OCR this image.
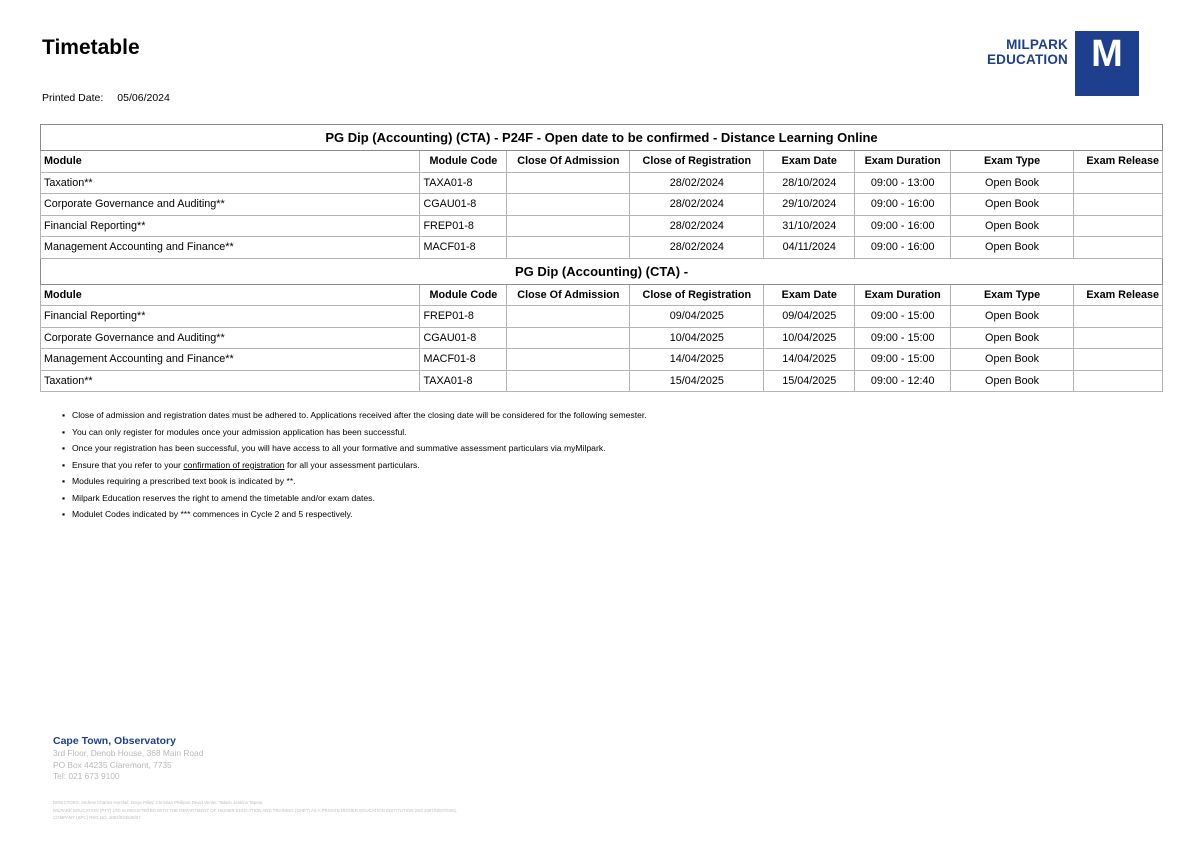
Timetable
Printed Date: 05/06/2024
MILPARK
EDUCATION M
PG Dip (Accounting) (CTA) - P24F - Open date to be confirmed - Distance Learning Online							
Module	Module Code	Close Of Admission	Close of Registration	Exam Date	Exam Duration	Exam Type	Exam Release
Taxation**	TAXA01-8		28/02/2024	28/10/2024	09:00 - 13:00	Open Book	
Corporate Governance and Auditing**	CGAU01-8		28/02/2024	29/10/2024	09:00 - 16:00	Open Book	
Financial Reporting**	FREP01-8		28/02/2024	31/10/2024	09:00 - 16:00	Open Book	
Management Accounting and Finance**	MACF01-8		28/02/2024	04/11/2024	09:00 - 16:00	Open Book	
PG Dip (Accounting) (CTA) -							
Module	Module Code	Close Of Admission	Close of Registration	Exam Date	Exam Duration	Exam Type	Exam Release
Financial Reporting**	FREP01-8		09/04/2025	09/04/2025	09:00 - 15:00	Open Book	
Corporate Governance and Auditing**	CGAU01-8		10/04/2025	10/04/2025	09:00 - 15:00	Open Book	
Management Accounting and Finance**	MACF01-8		14/04/2025	14/04/2025	09:00 - 15:00	Open Book	
Taxation**	TAXA01-8		15/04/2025	15/04/2025	09:00 - 12:40	Open Book	
▪ Close of admission and registration dates must be adhered to. Applications received after the closing date will be considered for the following semester.
▪ You can only register for modules once your admission application has been successful.
▪ Once your registration has been successful, you will have access to all your formative and summative assessment particulars via myMilpark.
▪ Ensure that you refer to your confirmation of registration for all your assessment particulars.
▪ Modules requiring a prescribed text book is indicated by **.
▪ Milpark Education reserves the right to amend the timetable and/or exam dates.
▪ Modulet Codes indicated by *** commences in Cycle 2 and 5 respectively.
Cape Town, Observatory
3rd Floor, Denob House, 368 Main Road
PO Box 44235 Claremont, 7735
Tel: 021 673 9100
DIRECTORS: Andrew Charles Horsfall, Divya Pillay, Christian Phillipus Devid Venter, Tabelo Jenkins Tapela
MILPARK EDUCATION (PTY) LTD IS REGISTERED WITH THE DEPARTMENT OF HIGHER EDUCATION AND TRAINING (DHET) AS A PRIVATE HIGHER EDUCATION INSTITUTION (NO 2007/HE07/005).
COMPANY (SPC) REG NO. 2004/023548/07
